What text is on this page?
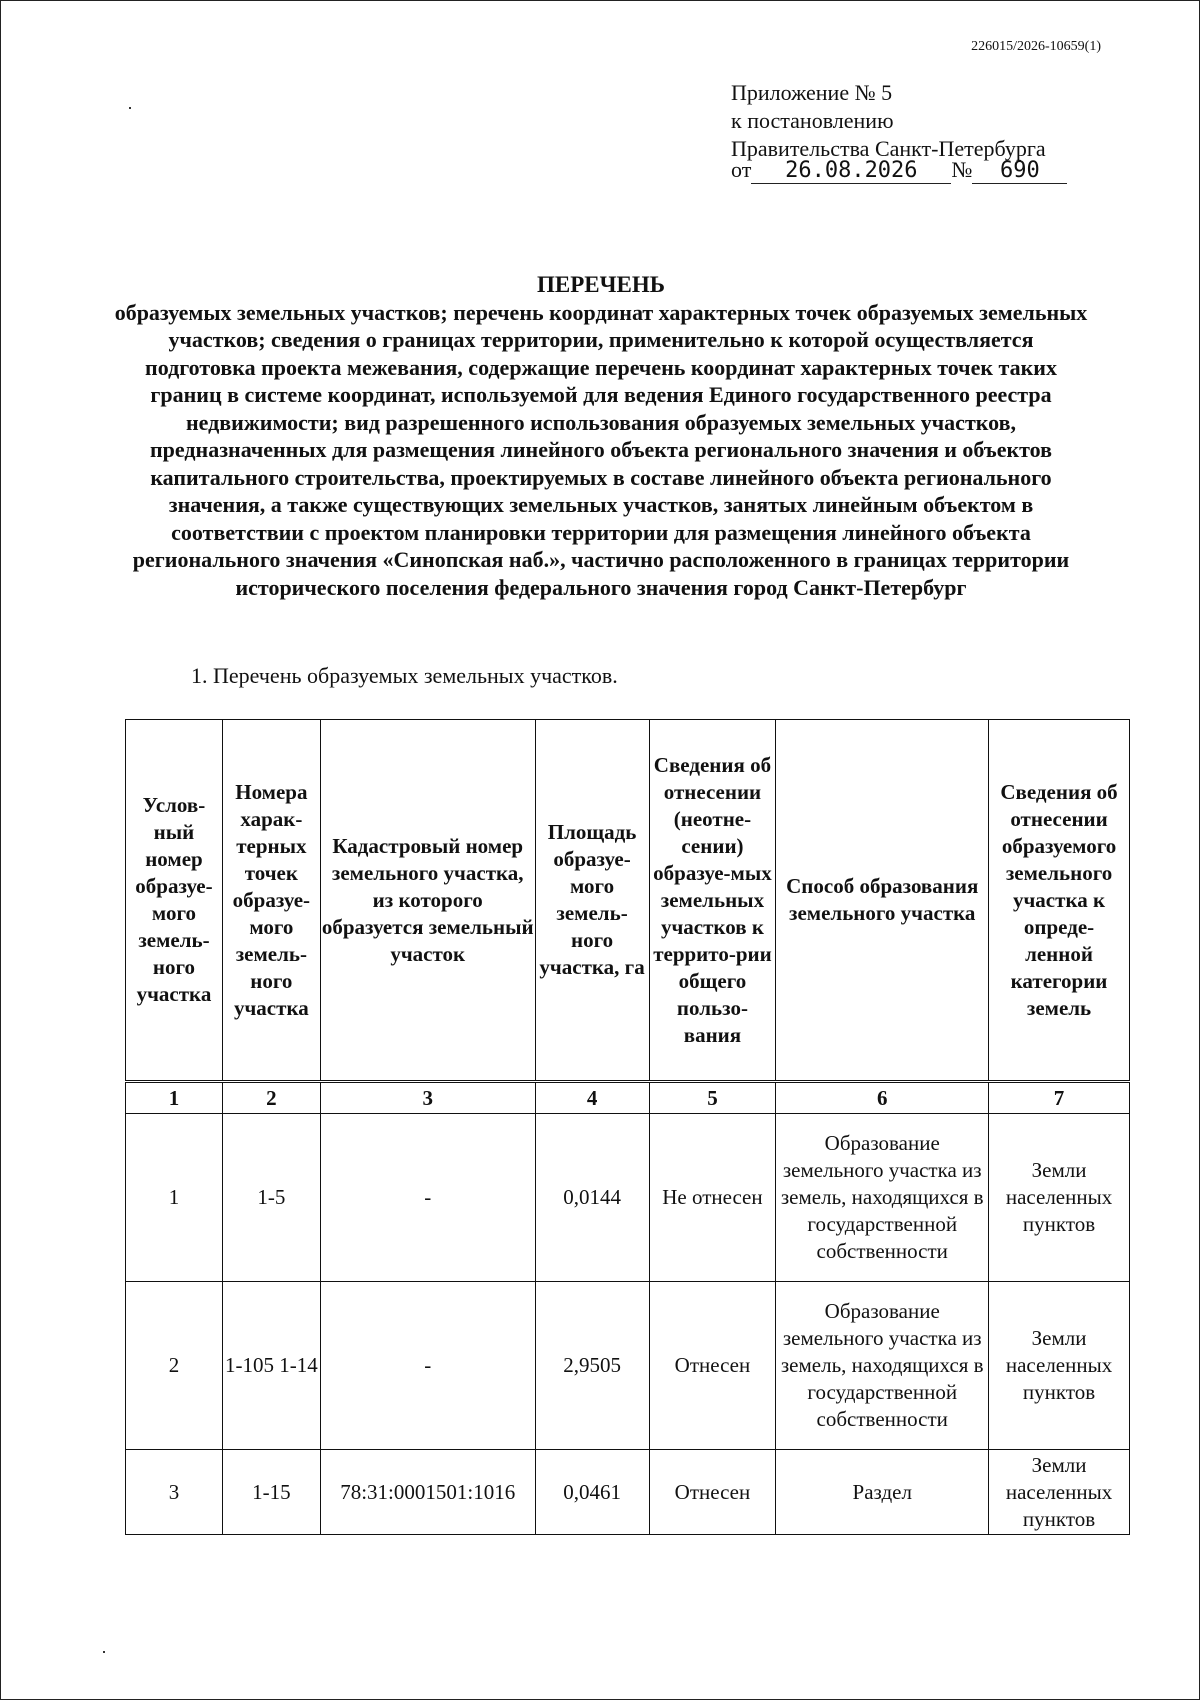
226015/2026-10659(1)
Приложение № 5
к постановлению
Правительства Санкт-Петербурга
от 26.08.2026 № 690
ПЕРЕЧЕНЬ
образуемых земельных участков; перечень координат характерных точек образуемых земельных участков; сведения о границах территории, применительно к которой осуществляется подготовка проекта межевания, содержащие перечень координат характерных точек таких границ в системе координат, используемой для ведения Единого государственного реестра недвижимости; вид разрешенного использования образуемых земельных участков, предназначенных для размещения линейного объекта регионального значения и объектов капитального строительства, проектируемых в составе линейного объекта регионального значения, а также существующих земельных участков, занятых линейным объектом в соответствии с проектом планировки территории для размещения линейного объекта регионального значения «Синопская наб.», частично расположенного в границах территории исторического поселения федерального значения город Санкт-Петербург
1. Перечень образуемых земельных участков.
Услов-ный номер образуе-мого земель-ного участка	Номера харак-терных точек образуе-мого земель-ного участка	Кадастровый номер земельного участка, из которого образуется земельный участок	Площадь образуе-мого земель-ного участка, га	Сведения об отнесении (неотне-сении) образуе-мых земельных участков к террито-рии общего пользо-вания	Способ образования земельного участка	Сведения об отнесении образуемого земельного участка к опреде-ленной категории земель
1	2	3	4	5	6	7
1	1-5	-	0,0144	Не отнесен	Образование земельного участка из земель, находящихся в государственной собственности	Земли населенных пунктов
2	1-105 1-14	-	2,9505	Отнесен	Образование земельного участка из земель, находящихся в государственной собственности	Земли населенных пунктов
3	1-15	78:31:0001501:1016	0,0461	Отнесен	Раздел	Земли населенных пунктов
